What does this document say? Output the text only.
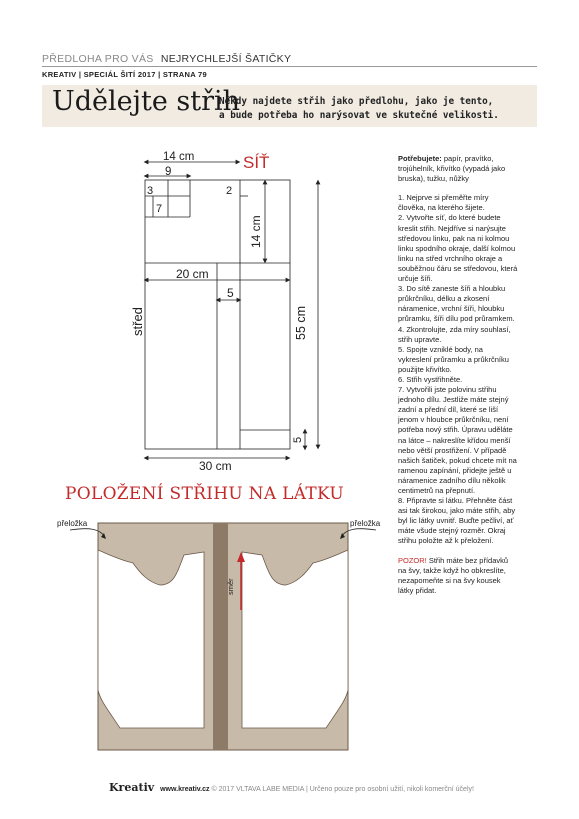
PŘEDLOHA PRO VÁS NEJRYCHLEJŠÍ ŠATIČKY
KREATIV | SPECIÁL ŠITÍ 2017 | STRANA 79
Udělejte střih
Někdy najdete střih jako předlohu, jako je tento,
a bude potřeba ho narýsovat ve skutečné velikosti.
14 cm
9
3
7
2
14 cm
20 cm
5
střed	55 cm
5
30 cm
SÍŤ
POLOŽENÍ STŘIHU NA LÁTKU
směr
přeložka	přeložka

Potřebujete: papír, pravítko, trojúhelník, křivítko (vypadá jako bruska), tužku, nůžky

1. Nejprve si přeměřte míry člověka, na kterého šijete.
2. Vytvořte síť, do které budete kreslit střih. Nejdříve si narýsujte středovou linku, pak na ni kolmou linku spodního okraje, další kolmou linku na střed vrchního okraje a souběžnou čáru se středovou, která určuje šíři.
3. Do sítě zaneste šíři a hloubku průkrčníku, délku a zkosení náramenice, vrchní šíři, hloubku průramku, šíři dílu pod průramkem.
4. Zkontrolujte, zda míry souhlasí, střih upravte.
5. Spojte vzniklé body, na vykreslení průramku a průkrčníku použijte křivítko.
6. Střih vystřihněte.
7. Vytvořili jste polovinu střihu jednoho dílu. Jestliže máte stejný zadní a přední díl, které se liší jenom v hloubce průkrčníku, není potřeba nový střih. Úpravu uděláte na látce – nakreslíte křídou menší nebo větší prostřižení. V případě našich šatiček, pokud chcete mít na ramenou zapínání, přidejte ještě u náramenice zadního dílu několik centimetrů na přepnutí.
8. Připravte si látku. Přehněte část asi tak širokou, jako máte střih, aby byl lic látky uvnitř. Buďte pečliví, ať máte všude stejný rozměr. Okraj střihu položte až k přeložení.

POZOR! Střih máte bez přídavků na švy, takže když ho obkreslíte, nezapomeňte si na švy kousek látky přidat.

Kreativ www.kreativ.cz © 2017 VLTAVA LABE MEDIA | Určeno pouze pro osobní užití, nikoli komerční účely!
